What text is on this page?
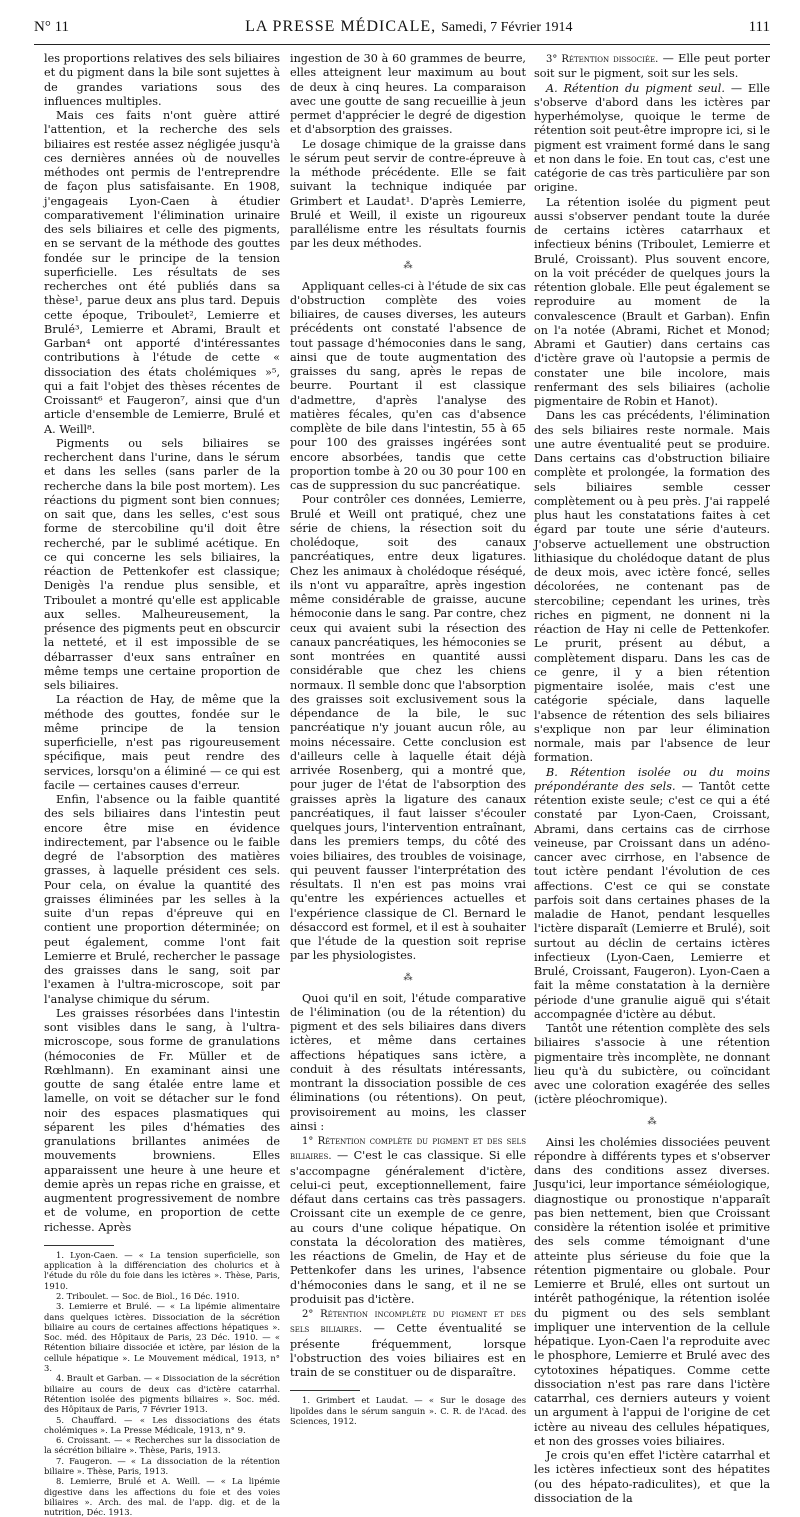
N° 11	LA PRESSE MÉDICALE, Samedi, 7 Février 1914	111

les proportions relatives des sels biliaires et du pigment dans la bile sont sujettes à de grandes variations sous des influences multiples.

Mais ces faits n'ont guère attiré l'attention, et la recherche des sels biliaires est restée assez négligée jusqu'à ces dernières années où de nouvelles méthodes ont permis de l'entreprendre de façon plus satisfaisante. En 1908, j'engageais Lyon-Caen à étudier comparativement l'élimination urinaire des sels biliaires et celle des pigments, en se servant de la méthode des gouttes fondée sur le principe de la tension superficielle. Les résultats de ses recherches ont été publiés dans sa thèse¹, parue deux ans plus tard. Depuis cette époque, Triboulet², Lemierre et Brulé³, Lemierre et Abrami, Brault et Garban⁴ ont apporté d'intéressantes contributions à l'étude de cette « dissociation des états cholémiques »⁵, qui a fait l'objet des thèses récentes de Croissant⁶ et Faugeron⁷, ainsi que d'un article d'ensemble de Lemierre, Brulé et A. Weill⁸.

Pigments ou sels biliaires se recherchent dans l'urine, dans le sérum et dans les selles (sans parler de la recherche dans la bile post mortem). Les réactions du pigment sont bien connues; on sait que, dans les selles, c'est sous forme de stercobiline qu'il doit être recherché, par le sublimé acétique. En ce qui concerne les sels biliaires, la réaction de Pettenkofer est classique; Denigès l'a rendue plus sensible, et Triboulet a montré qu'elle est applicable aux selles. Malheureusement, la présence des pigments peut en obscurcir la netteté, et il est impossible de se débarrasser d'eux sans entraîner en même temps une certaine proportion de sels biliaires.

La réaction de Hay, de même que la méthode des gouttes, fondée sur le même principe de la tension superficielle, n'est pas rigoureusement spécifique, mais peut rendre des services, lorsqu'on a éliminé — ce qui est facile — certaines causes d'erreur.

Enfin, l'absence ou la faible quantité des sels biliaires dans l'intestin peut encore être mise en évidence indirectement, par l'absence ou le faible degré de l'absorption des matières grasses, à laquelle président ces sels. Pour cela, on évalue la quantité des graisses éliminées par les selles à la suite d'un repas d'épreuve qui en contient une proportion déterminée; on peut également, comme l'ont fait Lemierre et Brulé, rechercher le passage des graisses dans le sang, soit par l'examen à l'ultra-microscope, soit par l'analyse chimique du sérum.

Les graisses résorbées dans l'intestin sont visibles dans le sang, à l'ultra-microscope, sous forme de granulations (hémoconies de Fr. Müller et de Rœhlmann). En examinant ainsi une goutte de sang étalée entre lame et lamelle, on voit se détacher sur le fond noir des espaces plasmatiques qui séparent les piles d'hématies des granulations brillantes animées de mouvements browniens. Elles apparaissent une heure à une heure et demie après un repas riche en graisse, et augmentent progressivement de nombre et de volume, en proportion de cette richesse. Après

1. Lyon-Caen. — « La tension superficielle, son application à la différenciation des cholurics et à l'étude du rôle du foie dans les ictères ». Thèse, Paris, 1910.

2. Triboulet. — Soc. de Biol., 16 Déc. 1910.

3. Lemierre et Brulé. — « La lipémie alimentaire dans quelques ictères. Dissociation de la sécrétion biliaire au cours de certaines affections hépatiques ». Soc. méd. des Hôpitaux de Paris, 23 Déc. 1910. — « Rétention biliaire dissociée et ictère, par lésion de la cellule hépatique ». Le Mouvement médical, 1913, n° 3.

4. Brault et Garban. — « Dissociation de la sécrétion biliaire au cours de deux cas d'ictère catarrhal. Rétention isolée des pigments biliaires ». Soc. méd. des Hôpitaux de Paris, 7 Février 1913.

5. Chauffard. — « Les dissociations des états cholémiques ». La Presse Médicale, 1913, n° 9.

6. Croissant. — « Recherches sur la dissociation de la sécrétion biliaire ». Thèse, Paris, 1913.

7. Faugeron. — « La dissociation de la rétention biliaire ». Thèse, Paris, 1913.

8. Lemierre, Brulé et A. Weill. — « La lipémie digestive dans les affections du foie et des voies biliaires ». Arch. des mal. de l'app. dig. et de la nutrition, Déc. 1913.

ingestion de 30 à 60 grammes de beurre, elles atteignent leur maximum au bout de deux à cinq heures. La comparaison avec une goutte de sang recueillie à jeun permet d'apprécier le degré de digestion et d'absorption des graisses.

Le dosage chimique de la graisse dans le sérum peut servir de contre-épreuve à la méthode précédente. Elle se fait suivant la technique indiquée par Grimbert et Laudat¹. D'après Lemierre, Brulé et Weill, il existe un rigoureux parallélisme entre les résultats fournis par les deux méthodes.

⁂

Appliquant celles-ci à l'étude de six cas d'obstruction complète des voies biliaires, de causes diverses, les auteurs précédents ont constaté l'absence de tout passage d'hémoconies dans le sang, ainsi que de toute augmentation des graisses du sang, après le repas de beurre. Pourtant il est classique d'admettre, d'après l'analyse des matières fécales, qu'en cas d'absence complète de bile dans l'intestin, 55 à 65 pour 100 des graisses ingérées sont encore absorbées, tandis que cette proportion tombe à 20 ou 30 pour 100 en cas de suppression du suc pancréatique.

Pour contrôler ces données, Lemierre, Brulé et Weill ont pratiqué, chez une série de chiens, la résection soit du cholédoque, soit des canaux pancréatiques, entre deux ligatures. Chez les animaux à cholédoque réséqué, ils n'ont vu apparaître, après ingestion même considérable de graisse, aucune hémoconie dans le sang. Par contre, chez ceux qui avaient subi la résection des canaux pancréatiques, les hémoconies se sont montrées en quantité aussi considérable que chez les chiens normaux. Il semble donc que l'absorption des graisses soit exclusivement sous la dépendance de la bile, le suc pancréatique n'y jouant aucun rôle, au moins nécessaire. Cette conclusion est d'ailleurs celle à laquelle était déjà arrivée Rosenberg, qui a montré que, pour juger de l'état de l'absorption des graisses après la ligature des canaux pancréatiques, il faut laisser s'écouler quelques jours, l'intervention entraînant, dans les premiers temps, du côté des voies biliaires, des troubles de voisinage, qui peuvent fausser l'interprétation des résultats. Il n'en est pas moins vrai qu'entre les expériences actuelles et l'expérience classique de Cl. Bernard le désaccord est formel, et il est à souhaiter que l'étude de la question soit reprise par les physiologistes.

⁂

Quoi qu'il en soit, l'étude comparative de l'élimination (ou de la rétention) du pigment et des sels biliaires dans divers ictères, et même dans certaines affections hépatiques sans ictère, a conduit à des résultats intéressants, montrant la dissociation possible de ces éliminations (ou rétentions). On peut, provisoirement au moins, les classer ainsi :

1° Rétention complète du pigment et des sels biliaires. — C'est le cas classique. Si elle s'accompagne généralement d'ictère, celui-ci peut, exceptionnellement, faire défaut dans certains cas très passagers. Croissant cite un exemple de ce genre, au cours d'une colique hépatique. On constata la décoloration des matières, les réactions de Gmelin, de Hay et de Pettenkofer dans les urines, l'absence d'hémoconies dans le sang, et il ne se produisit pas d'ictère.

2° Rétention incomplète du pigment et des sels biliaires. — Cette éventualité se présente fréquemment, lorsque l'obstruction des voies biliaires est en train de se constituer ou de disparaître.

1. Grimbert et Laudat. — « Sur le dosage des lipoïdes dans le sérum sanguin ». C. R. de l'Acad. des Sciences, 1912.

3° Rétention dissociée. — Elle peut porter soit sur le pigment, soit sur les sels.

A. Rétention du pigment seul. — Elle s'observe d'abord dans les ictères par hyperhémolyse, quoique le terme de rétention soit peut-être impropre ici, si le pigment est vraiment formé dans le sang et non dans le foie. En tout cas, c'est une catégorie de cas très particulière par son origine.

La rétention isolée du pigment peut aussi s'observer pendant toute la durée de certains ictères catarrhaux et infectieux bénins (Triboulet, Lemierre et Brulé, Croissant). Plus souvent encore, on la voit précéder de quelques jours la rétention globale. Elle peut également se reproduire au moment de la convalescence (Brault et Garban). Enfin on l'a notée (Abrami, Richet et Monod; Abrami et Gautier) dans certains cas d'ictère grave où l'autopsie a permis de constater une bile incolore, mais renfermant des sels biliaires (acholie pigmentaire de Robin et Hanot).

Dans les cas précédents, l'élimination des sels biliaires reste normale. Mais une autre éventualité peut se produire. Dans certains cas d'obstruction biliaire complète et prolongée, la formation des sels biliaires semble cesser complètement ou à peu près. J'ai rappelé plus haut les constatations faites à cet égard par toute une série d'auteurs. J'observe actuellement une obstruction lithiasique du cholédoque datant de plus de deux mois, avec ictère foncé, selles décolorées, ne contenant pas de stercobiline; cependant les urines, très riches en pigment, ne donnent ni la réaction de Hay ni celle de Pettenkofer. Le prurit, présent au début, a complètement disparu. Dans les cas de ce genre, il y a bien rétention pigmentaire isolée, mais c'est une catégorie spéciale, dans laquelle l'absence de rétention des sels biliaires s'explique non par leur élimination normale, mais par l'absence de leur formation.

B. Rétention isolée ou du moins prépondérante des sels. — Tantôt cette rétention existe seule; c'est ce qui a été constaté par Lyon-Caen, Croissant, Abrami, dans certains cas de cirrhose veineuse, par Croissant dans un adéno-cancer avec cirrhose, en l'absence de tout ictère pendant l'évolution de ces affections. C'est ce qui se constate parfois soit dans certaines phases de la maladie de Hanot, pendant lesquelles l'ictère disparaît (Lemierre et Brulé), soit surtout au déclin de certains ictères infectieux (Lyon-Caen, Lemierre et Brulé, Croissant, Faugeron). Lyon-Caen a fait la même constatation à la dernière période d'une granulie aiguë qui s'était accompagnée d'ictère au début.

Tantôt une rétention complète des sels biliaires s'associe à une rétention pigmentaire très incomplète, ne donnant lieu qu'à du subictère, ou coïncidant avec une coloration exagérée des selles (ictère pléochromique).

⁂

Ainsi les cholémies dissociées peuvent répondre à différents types et s'observer dans des conditions assez diverses. Jusqu'ici, leur importance séméiologique, diagnostique ou pronostique n'apparaît pas bien nettement, bien que Croissant considère la rétention isolée et primitive des sels comme témoignant d'une atteinte plus sérieuse du foie que la rétention pigmentaire ou globale. Pour Lemierre et Brulé, elles ont surtout un intérêt pathogénique, la rétention isolée du pigment ou des sels semblant impliquer une intervention de la cellule hépatique. Lyon-Caen l'a reproduite avec le phosphore, Lemierre et Brulé avec des cytotoxines hépatiques. Comme cette dissociation n'est pas rare dans l'ictère catarrhal, ces derniers auteurs y voient un argument à l'appui de l'origine de cet ictère au niveau des cellules hépatiques, et non des grosses voies biliaires.

Je crois qu'en effet l'ictère catarrhal et les ictères infectieux sont des hépatites (ou des hépato-radiculites), et que la dissociation de la
